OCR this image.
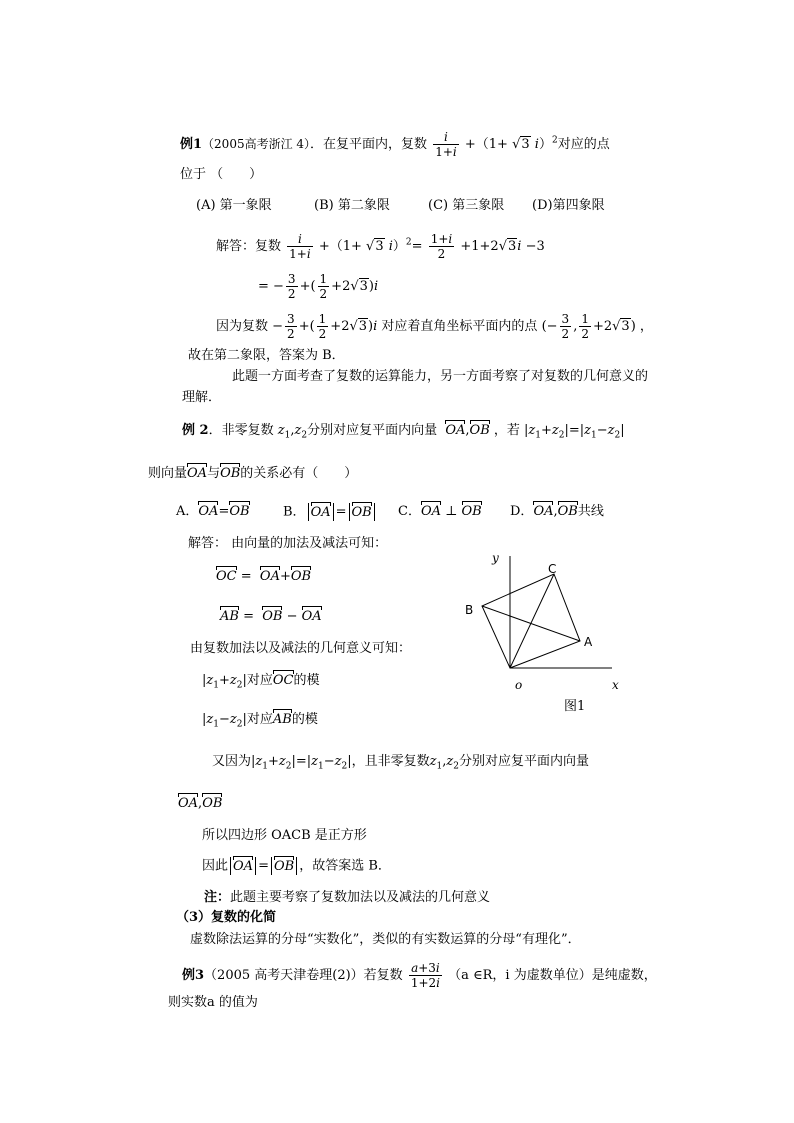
例1（2005高考浙江 4）．在复平面内，复数 $\frac{i}{1+i} +(1+ √3$ i）$^2$对应的点
位于 （　　）
(A) 第一象限	(B) 第二象限	(C) 第三象限 (D)第四象限
解答：复数 $\frac{i}{1+i} +(1+ √3$ $i)^2= \frac{1+i}{2} +1+2√3i -3$
= − $\frac{3}{2}$ +( $\frac{1}{2} +2√3)i$
因为复数 − $\frac{3}{2}$ +( $\frac{1}{2} +2√3)i$ 对应着直角坐标平面内的点 (− $\frac{3}{2}$ , $\frac{1}{2} +2√3$) ，
故在第二象限，答案为 B．
此题一方面考查了复数的运算能力，另一方面考察了对复数的几何意义的
理解．
例 2．非零复数 $z_1,z_2$分别对应复平面内向量 OA,OB ，若 $|z_1+z_2|=|z_1-z_2|$
则向量OA与OB的关系必有（　　）
A．OA=OB	B． OA = OB	C．OA ⊥ OB D．OA,OB共线
解答： 由向量的加法及减法可知：
OC =  OA+OB
AB =  OB − OA
由复数加法以及减法的几何意义可知：
$|z_1+z_2|$对应OC的模
$|z_1-z_2|$对应AB的模
y
x
o
A
B
C
图1
又因为$|z_1+z_2|=|z_1-z_2|$，且非零复数$z_1,z_2$分别对应复平面内向量
OA,OB
所以四边形 OACB 是正方形
因此 OA = OB ，故答案选 B．
注：此题主要考察了复数加法以及减法的几何意义
（3）复数的化简
虚数除法运算的分母“实数化”，类似的有实数运算的分母“有理化”．
例3（2005 高考天津卷理(2)）若复数 $\frac{a+3i}{1+2i} (a$ ∈R，i 为虚数单位）是纯虚数，
则实数a 的值为
